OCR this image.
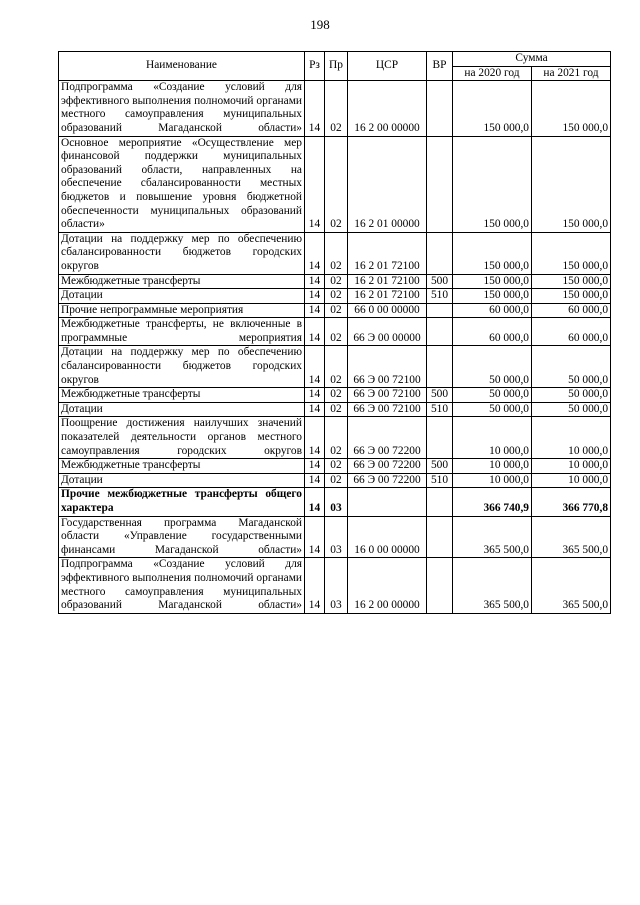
198
Наименование	Рз	Пр	ЦСР	ВР	Сумма	
					на 2020 год	на 2021 год
Подпрограмма «Создание условий для эффективного выполнения полномочий органами местного самоуправления муниципальных образований Магаданской области»	14	02	16 2 00 00000		150 000,0	150 000,0
Основное мероприятие «Осуществление мер финансовой поддержки муниципальных образований области, направленных на обеспечение сбалансированности местных бюджетов и повышение уровня бюджетной обеспеченности муниципальных образований области»	14	02	16 2 01 00000		150 000,0	150 000,0
Дотации на поддержку мер по обеспечению сбалансированности бюджетов городских округов	14	02	16 2 01 72100		150 000,0	150 000,0
Межбюджетные трансферты	14	02	16 2 01 72100	500	150 000,0	150 000,0
Дотации	14	02	16 2 01 72100	510	150 000,0	150 000,0
Прочие непрограммные мероприятия	14	02	66 0 00 00000		60 000,0	60 000,0
Межбюджетные трансферты, не включенные в программные мероприятия	14	02	66 Э 00 00000		60 000,0	60 000,0
Дотации на поддержку мер по обеспечению сбалансированности бюджетов городских округов	14	02	66 Э 00 72100		50 000,0	50 000,0
Межбюджетные трансферты	14	02	66 Э 00 72100	500	50 000,0	50 000,0
Дотации	14	02	66 Э 00 72100	510	50 000,0	50 000,0
Поощрение достижения наилучших значений показателей деятельности органов местного самоуправления городских округов	14	02	66 Э 00 72200		10 000,0	10 000,0
Межбюджетные трансферты	14	02	66 Э 00 72200	500	10 000,0	10 000,0
Дотации	14	02	66 Э 00 72200	510	10 000,0	10 000,0
Прочие межбюджетные трансферты общего характера	14	03			366 740,9	366 770,8
Государственная программа Магаданской области «Управление государственными финансами Магаданской области»	14	03	16 0 00 00000		365 500,0	365 500,0
Подпрограмма «Создание условий для эффективного выполнения полномочий органами местного самоуправления муниципальных образований Магаданской области»	14	03	16 2 00 00000		365 500,0	365 500,0
